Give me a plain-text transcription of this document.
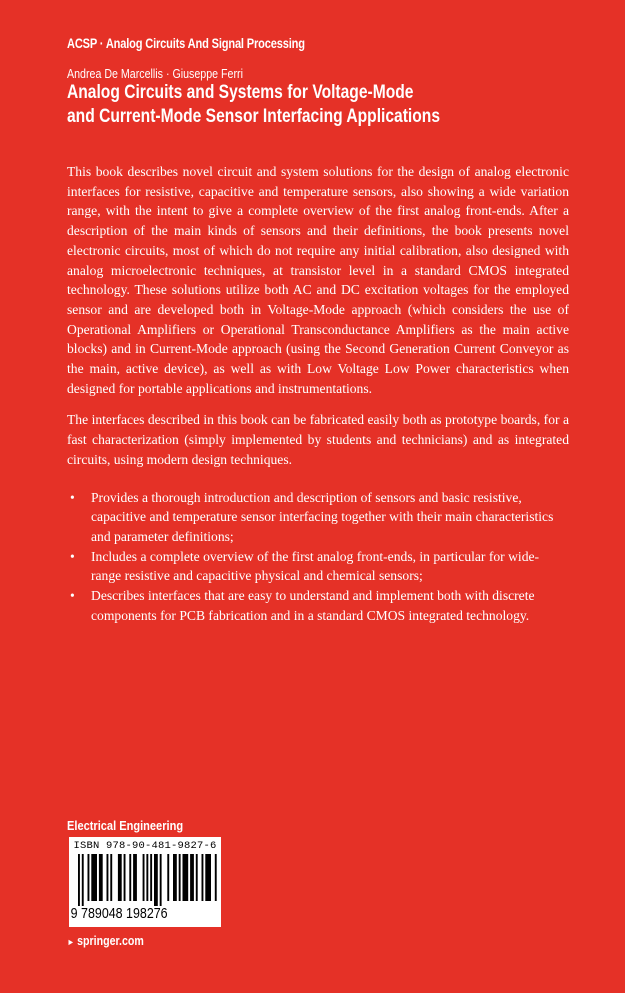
ACSP · Analog Circuits And Signal Processing
Andrea De Marcellis · Giuseppe Ferri
Analog Circuits and Systems for Voltage-Mode
and Current-Mode Sensor Interfacing Applications

This book describes novel circuit and system solutions for the design of analog electronic interfaces for resistive, capacitive and temperature sensors, also showing a wide variation range, with the intent to give a complete overview of the first analog front-ends. After a description of the main kinds of sensors and their definitions, the book presents novel electronic circuits, most of which do not require any initial calibration, also designed with analog microelectronic techniques, at transistor level in a standard CMOS integrated technology. These solutions utilize both AC and DC excitation voltages for the employed sensor and are developed both in Voltage-Mode approach (which considers the use of Operational Amplifiers or Operational Transconductance Amplifiers as the main active blocks) and in Current-Mode approach (using the Second Generation Current Conveyor as the main, active device), as well as with Low Voltage Low Power characteristics when designed for portable applications and instrumentations.

The interfaces described in this book can be fabricated easily both as prototype boards, for a fast characterization (simply implemented by students and technicians) and as integrated circuits, using modern design techniques.

• Provides a thorough introduction and description of sensors and basic resistive, capacitive and temperature sensor interfacing together with their main characteristics and parameter definitions;
• Includes a complete overview of the first analog front-ends, in particular for wide-range resistive and capacitive physical and chemical sensors;
• Describes interfaces that are easy to understand and implement both with discrete components for PCB fabrication and in a standard CMOS integrated technology.
Electrical Engineering
ISBN 978-90-481-9827-6
9 789048 198276
► springer.com
